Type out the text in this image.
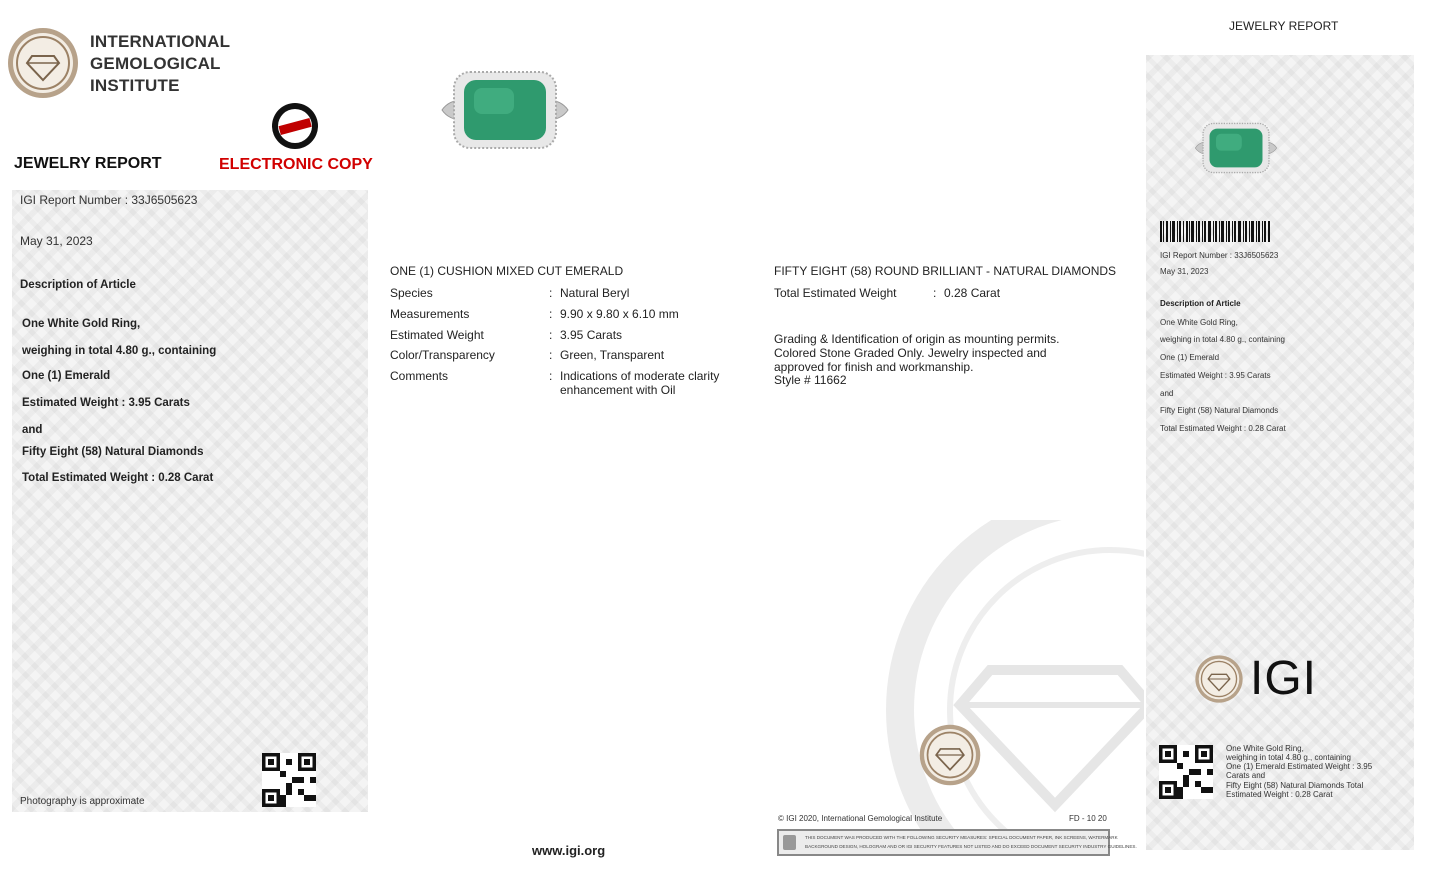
INTERNATIONAL
GEMOLOGICAL
INSTITUTE
JEWELRY REPORT	ELECTRONIC COPY
IGI Report Number : 33J6505623
May 31, 2023
Description of Article
One White Gold Ring,
weighing in total 4.80 g., containing
One (1) Emerald
Estimated Weight : 3.95 Carats
and
Fifty Eight (58) Natural Diamonds
Total Estimated Weight : 0.28 Carat
Photography is approximate
ONE (1) CUSHION MIXED CUT EMERALD
Species	: Natural Beryl
Measurements	: 9.90 x 9.80 x 6.10 mm
Estimated Weight	: 3.95 Carats
Color/Transparency	: Green, Transparent
Comments	: Indications of moderate clarity enhancement with Oil
FIFTY EIGHT (58) ROUND BRILLIANT - NATURAL DIAMONDS
Total Estimated Weight	: 0.28 Carat
Grading & Identification of origin as mounting permits.
Colored Stone Graded Only. Jewelry inspected and
approved for finish and workmanship.
Style # 11662
© IGI 2020, International Gemological Institute	FD - 10 20
THIS DOCUMENT WAS PRODUCED WITH THE FOLLOWING SECURITY MEASURES: SPECIAL DOCUMENT PAPER, INK SCREENS, WATERMARK
BACKGROUND DESIGN, HOLOGRAM AND OR IGI SECURITY FEATURES NOT LISTED AND DO EXCEED DOCUMENT SECURITY INDUSTRY GUIDELINES.
www.igi.org
JEWELRY REPORT
IGI Report Number : 33J6505623
May 31, 2023
Description of Article
One White Gold Ring,
weighing in total 4.80 g., containing
One (1) Emerald
Estimated Weight : 3.95 Carats
and
Fifty Eight (58) Natural Diamonds
Total Estimated Weight : 0.28 Carat
IGI
One White Gold Ring,
weighing in total 4.80 g., containing
One (1) Emerald Estimated Weight : 3.95
Carats and
Fifty Eight (58) Natural Diamonds Total
Estimated Weight : 0.28 Carat
